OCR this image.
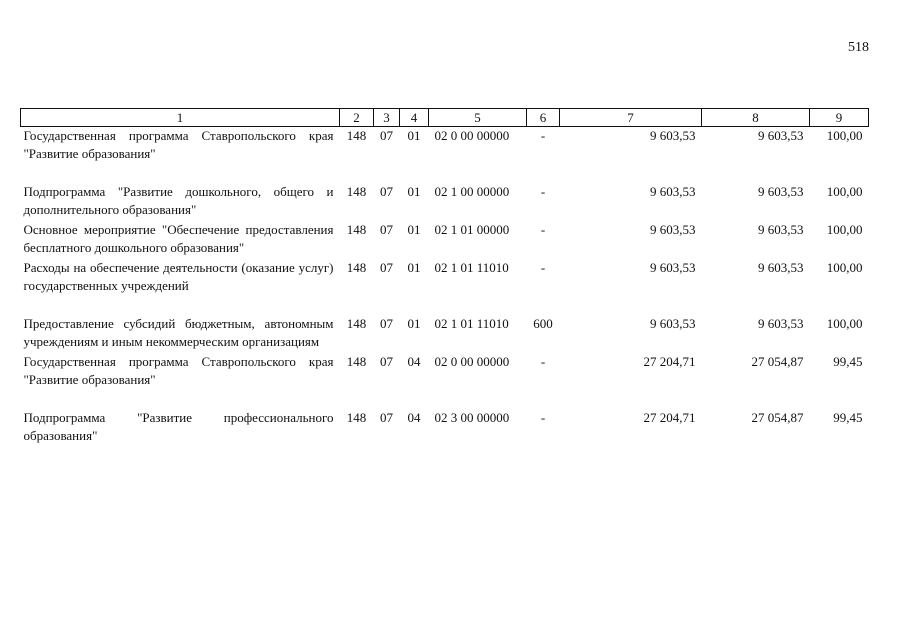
518
1	2	3	4	5	6	7	8	9
Государственная программа Ставропольского края "Развитие образования"	148	07	01	02 0 00 00000	-	9 603,53	9 603,53	100,00

Подпрограмма "Развитие дошкольного, общего и дополнительного образования"	148	07	01	02 1 00 00000	-	9 603,53	9 603,53	100,00
Основное мероприятие "Обеспечение предоставления бесплатного дошкольного образования"	148	07	01	02 1 01 00000	-	9 603,53	9 603,53	100,00
Расходы на обеспечение деятельности (оказание услуг) государственных учреждений	148	07	01	02 1 01 11010	-	9 603,53	9 603,53	100,00

Предоставление субсидий бюджетным, автономным учреждениям и иным некоммерческим организациям	148	07	01	02 1 01 11010	600	9 603,53	9 603,53	100,00
Государственная программа Ставропольского края "Развитие образования"	148	07	04	02 0 00 00000	-	27 204,71	27 054,87	99,45

Подпрограмма "Развитие профессионального образования"	148	07	04	02 3 00 00000	-	27 204,71	27 054,87	99,45
